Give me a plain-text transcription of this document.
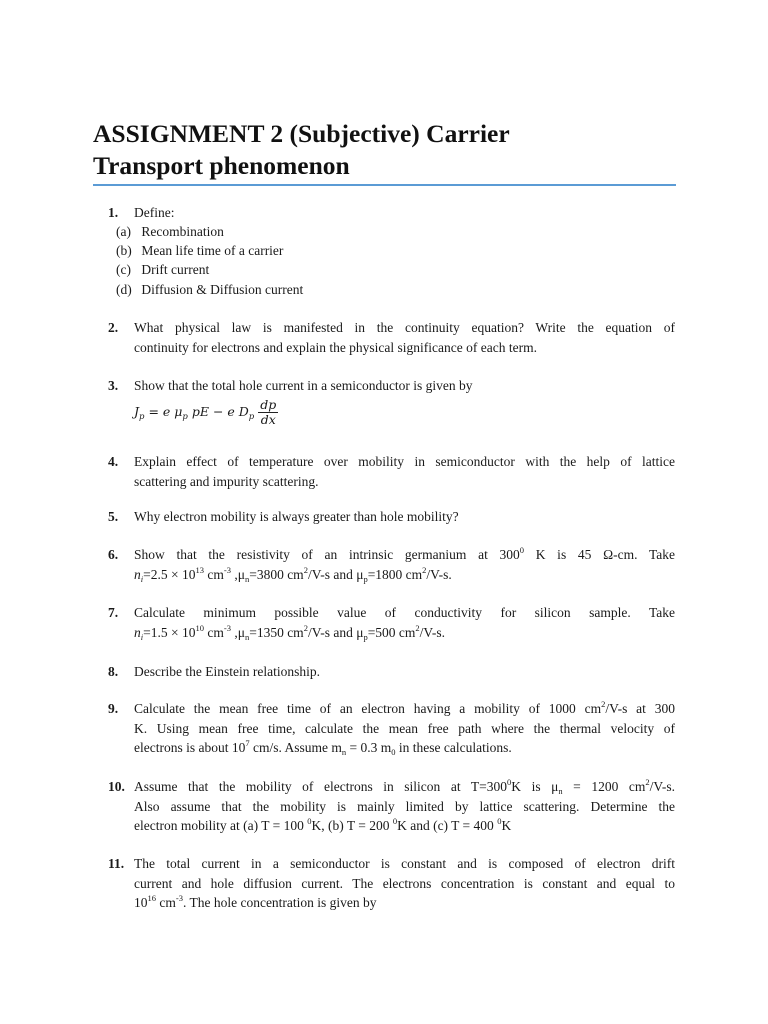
ASSIGNMENT 2 (Subjective) Carrier
Transport phenomenon
1. Define:
(a) Recombination
(b) Mean life time of a carrier
(c) Drift current
(d) Diffusion & Diffusion current
2. What physical law is manifested in the continuity equation? Write the equation of
continuity for electrons and explain the physical significance of each term.
3. Show that the total hole current in a semiconductor is given by
$J_p = e$ $\mu_p$ pE − e $D_p \frac{dp}{dx}$
4. Explain effect of temperature over mobility in semiconductor with the help of lattice
scattering and impurity scattering.
5. Why electron mobility is always greater than hole mobility?
6. Show that the resistivity of an intrinsic germanium at $300^0$ K is 45 Ω-cm. Take
$n_i=2.5 \times 10^{13}$ $cm^{-3}$ $,\mu_n=3800$ $cm^2/V-s$ and $\mu_p=1800$ $cm^2/V-s$.
7. Calculate minimum possible value of conductivity for silicon sample. Take
$n_i=1.5 \times 10^{10}$ $cm^{-3}$ $,\mu_n=1350$ $cm^2/V-s$ and $\mu_p=500$ $cm^2/V-s$.
8. Describe the Einstein relationship.
9. Calculate the mean free time of an electron having a mobility of 1000 $cm^2/V-s$ at 300
K. Using mean free time, calculate the mean free path where the thermal velocity of
electrons is about $10^7$ cm/s. Assume $m_n = 0.3$ $m_0$ in these calculations.
10. Assume that the mobility of electrons in silicon at $T=300^0K$ is $\mu_n = 1200$ $cm^2/V-s$.
Also assume that the mobility is mainly limited by lattice scattering. Determine the
electron mobility at (a) T = 100 $^0$K, (b) T = 200 $^0$K and (c) T = 400 $^0$K
11. The total current in a semiconductor is constant and is composed of electron drift
current and hole diffusion current. The electrons concentration is constant and equal to
$10^{16}$ $cm^{-3}$. The hole concentration is given by
